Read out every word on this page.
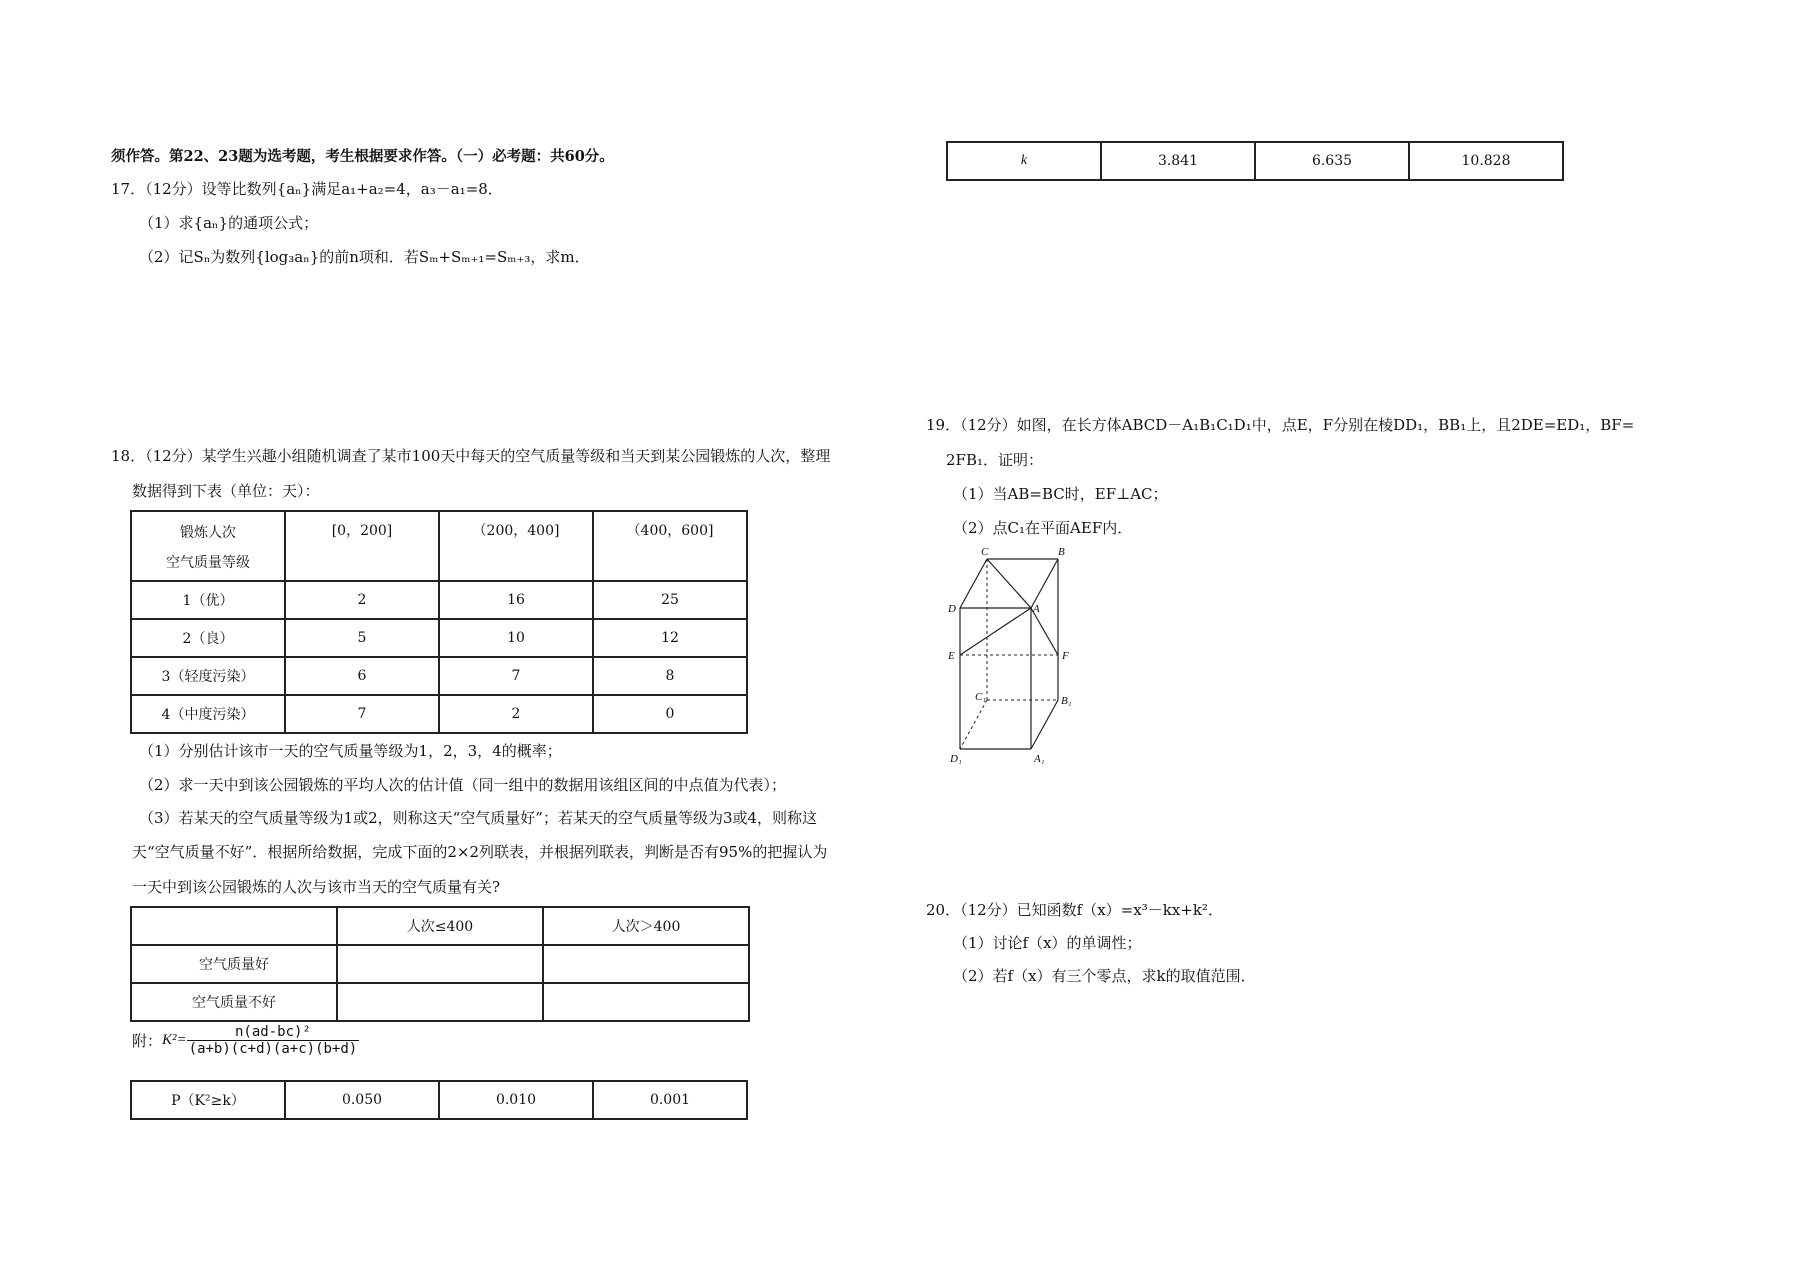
须作答。第22、23题为选考题，考生根据要求作答。（一）必考题：共60分。
17．（12分）设等比数列{aₙ}满足a₁+a₂=4，a₃－a₁=8．
（1）求{aₙ}的通项公式；
（2）记Sₙ为数列{log₃aₙ}的前n项和．若Sₘ+Sₘ₊₁=Sₘ₊₃，求m．
18．（12分）某学生兴趣小组随机调查了某市100天中每天的空气质量等级和当天到某公园锻炼的人次，整理
数据得到下表（单位：天）：
锻炼人次
空气质量等级	[0，200]	（200，400]	（400，600]
1（优）	2	16	25
2（良）	5	10	12
3（轻度污染）	6	7	8
4（中度污染）	7	2	0
（1）分别估计该市一天的空气质量等级为1，2，3，4的概率；
（2）求一天中到该公园锻炼的平均人次的估计值（同一组中的数据用该组区间的中点值为代表）；
（3）若某天的空气质量等级为1或2，则称这天“空气质量好”；若某天的空气质量等级为3或4，则称这
天“空气质量不好”．根据所给数据，完成下面的2×2列联表，并根据列联表，判断是否有95%的把握认为
一天中到该公园锻炼的人次与该市当天的空气质量有关?
	人次≤400	人次＞400
空气质量好		
空气质量不好		
附： $K^2= \frac{\text{n(ad-bc)²}}{(a+b)(c+d)(a+c)(b+d)}$
P（K²≥k）	0.050	0.010	0.001
k	3.841	6.635	10.828
19．（12分）如图，在长方体ABCD－A₁B₁C₁D₁中，点E，F分别在棱DD₁，BB₁上，且2DE=ED₁，BF=
2FB₁．证明：
（1）当AB=BC时，EF⊥AC；
（2）点C₁在平面AEF内．
C	B
D	A
E	F
C₁	B₁
D₁	A₁
20．（12分）已知函数f（x）=x³－kx+k²．
（1）讨论f（x）的单调性；
（2）若f（x）有三个零点，求k的取值范围．
